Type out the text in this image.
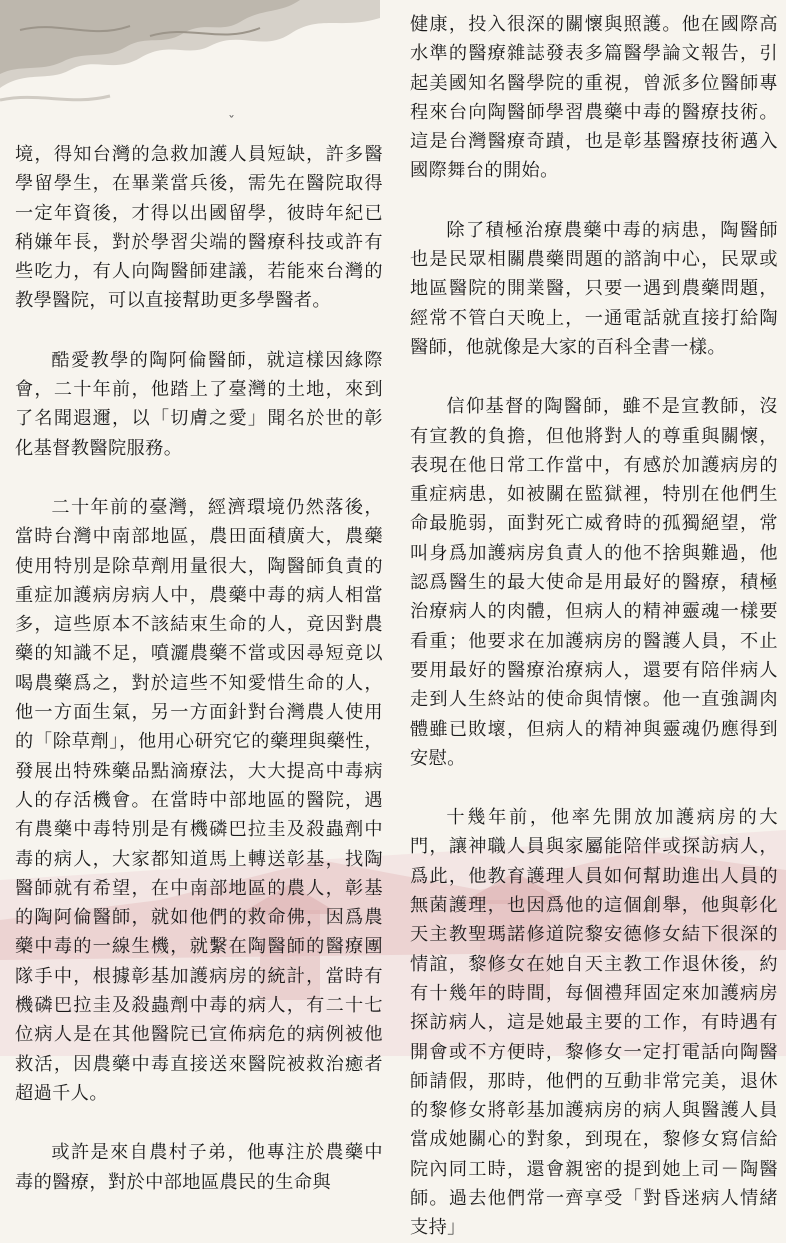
ˇ

境，得知台灣的急救加護人員短缺，許多醫學留學生，在畢業當兵後，需先在醫院取得一定年資後，才得以出國留學，彼時年紀已稍嫌年長，對於學習尖端的醫療科技或許有些吃力，有人向陶醫師建議，若能來台灣的教學醫院，可以直接幫助更多學醫者。

酷愛教學的陶阿倫醫師，就這樣因緣際會，二十年前，他踏上了臺灣的土地，來到了名聞遐邇，以「切膚之愛」聞名於世的彰化基督教醫院服務。

二十年前的臺灣，經濟環境仍然落後，當時台灣中南部地區，農田面積廣大，農藥使用特別是除草劑用量很大，陶醫師負責的重症加護病房病人中，農藥中毒的病人相當多，這些原本不該結束生命的人，竟因對農藥的知識不足，噴灑農藥不當或因尋短竟以喝農藥爲之，對於這些不知愛惜生命的人，他一方面生氣，另一方面針對台灣農人使用的「除草劑」，他用心研究它的藥理與藥性，發展出特殊藥品點滴療法，大大提高中毒病人的存活機會。在當時中部地區的醫院，遇有農藥中毒特別是有機磷巴拉圭及殺蟲劑中毒的病人，大家都知道馬上轉送彰基，找陶醫師就有希望，在中南部地區的農人，彰基的陶阿倫醫師，就如他們的救命佛，因爲農藥中毒的一線生機，就繫在陶醫師的醫療團隊手中，根據彰基加護病房的統計，當時有機磷巴拉圭及殺蟲劑中毒的病人，有二十七位病人是在其他醫院已宣佈病危的病例被他救活，因農藥中毒直接送來醫院被救治癒者超過千人。

或許是來自農村子弟，他專注於農藥中毒的醫療，對於中部地區農民的生命與

健康，投入很深的關懷與照護。他在國際高水準的醫療雜誌發表多篇醫學論文報告，引起美國知名醫學院的重視，曾派多位醫師專程來台向陶醫師學習農藥中毒的醫療技術。這是台灣醫療奇蹟，也是彰基醫療技術邁入國際舞台的開始。

除了積極治療農藥中毒的病患，陶醫師也是民眾相關農藥問題的諮詢中心，民眾或地區醫院的開業醫，只要一遇到農藥問題，經常不管白天晚上，一通電話就直接打給陶醫師，他就像是大家的百科全書一樣。

信仰基督的陶醫師，雖不是宣教師，沒有宣教的負擔，但他將對人的尊重與關懷，表現在他日常工作當中，有感於加護病房的重症病患，如被關在監獄裡，特別在他們生命最脆弱，面對死亡威脅時的孤獨絕望，常叫身爲加護病房負責人的他不捨與難過，他認爲醫生的最大使命是用最好的醫療，積極治療病人的肉體，但病人的精神靈魂一樣要看重；他要求在加護病房的醫護人員，不止要用最好的醫療治療病人，還要有陪伴病人走到人生終站的使命與情懷。他一直強調肉體雖已敗壞，但病人的精神與靈魂仍應得到安慰。

十幾年前，他率先開放加護病房的大門，讓神職人員與家屬能陪伴或探訪病人，爲此，他教育護理人員如何幫助進出人員的無菌護理，也因爲他的這個創舉，他與彰化天主教聖瑪諾修道院黎安德修女結下很深的情誼，黎修女在她自天主教工作退休後，約有十幾年的時間，每個禮拜固定來加護病房探訪病人，這是她最主要的工作，有時遇有開會或不方便時，黎修女一定打電話向陶醫師請假，那時，他們的互動非常完美，退休的黎修女將彰基加護病房的病人與醫護人員當成她關心的對象，到現在，黎修女寫信給院內同工時，還會親密的提到她上司－陶醫師。過去他們常一齊享受「對昏迷病人情緒支持」
